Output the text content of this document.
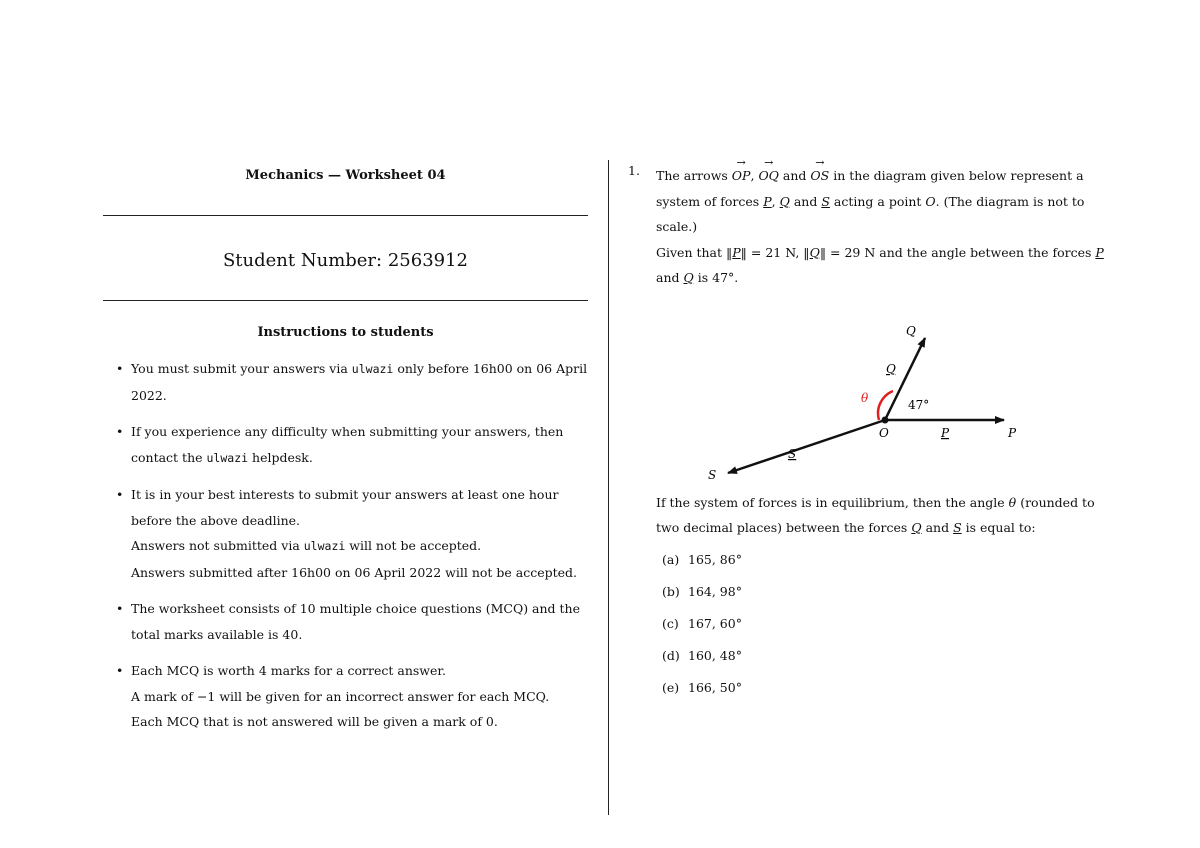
Mechanics — Worksheet 04
Student Number: 2563912
Instructions to students
• You must submit your answers via ulwazi only before 16h00 on 06 April 2022.
• If you experience any difficulty when submitting your answers, then contact the ulwazi helpdesk.
• It is in your best interests to submit your answers at least one hour before the above deadline.
Answers not submitted via ulwazi will not be accepted.
Answers submitted after 16h00 on 06 April 2022 will not be accepted.
• The worksheet consists of 10 multiple choice questions (MCQ) and the total marks available is 40.
• Each MCQ is worth 4 marks for a correct answer.
A mark of −1 will be given for an incorrect answer for each MCQ.
Each MCQ that is not answered will be given a mark of 0.
1. The arrows OP →, OQ → and OS → in the diagram given below represent a system of forces P, Q and S acting a point O. (The diagram is not to scale.)
Given that ‖P‖ = 21 N, ‖Q‖ = 29 N and the angle between the forces P and Q is 47°.
Q
Q
θ	47°
O	P	P
S
S
If the system of forces is in equilibrium, then the angle θ (rounded to two decimal places) between the forces Q and S is equal to:
(a) 165, 86°
(b) 164, 98°
(c) 167, 60°
(d) 160, 48°
(e) 166, 50°
